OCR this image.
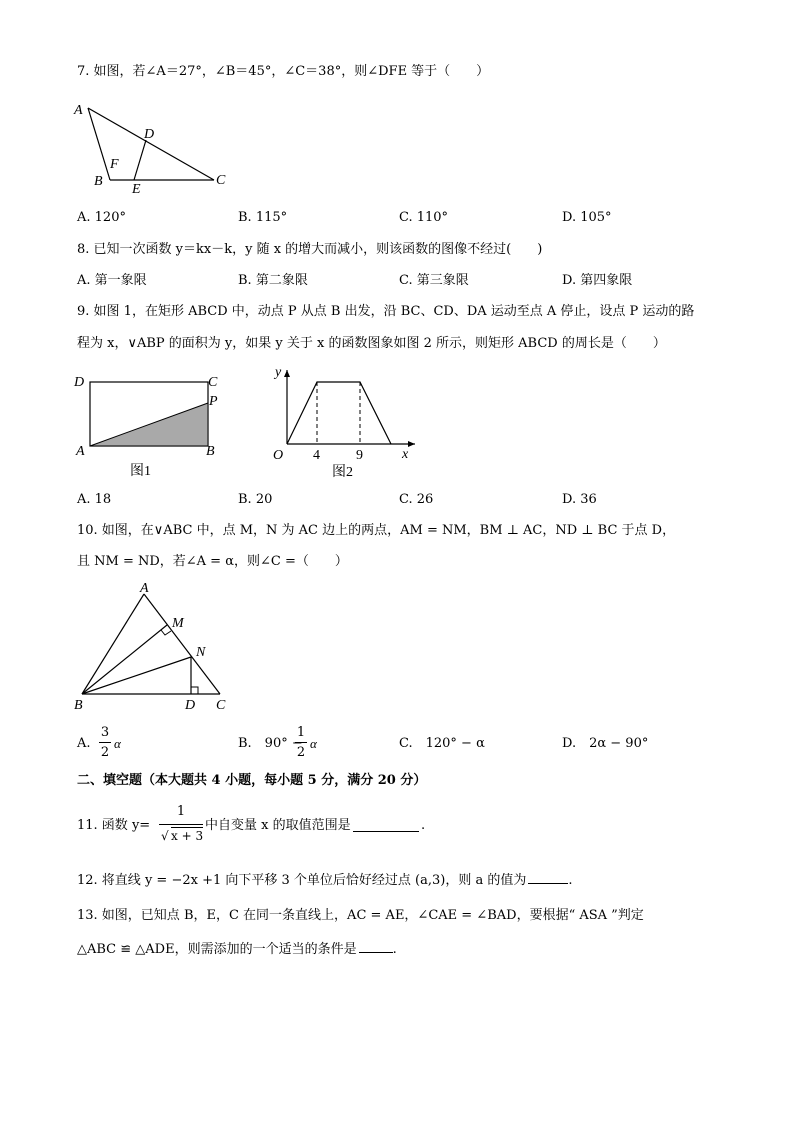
7. 如图，若∠A＝27°，∠B＝45°，∠C＝38°，则∠DFE 等于（　　）
A
D
F
B
E
C
A. 120°	B. 115°	C. 110°	D. 105°
8. 已知一次函数 y＝kx－k，y 随 x 的增大而减小，则该函数的图像不经过(　　)
A. 第一象限	B. 第二象限	C. 第三象限	D. 第四象限
9. 如图 1，在矩形 ABCD 中，动点 P 从点 B 出发，沿 BC、CD、DA 运动至点 A 停止，设点 P 运动的路
程为 x，∨ABP 的面积为 y，如果 y 关于 x 的函数图象如图 2 所示，则矩形 ABCD 的周长是（　　）
D	C
P
A	B
图1
y
x
O 4	9
图2
A. 18	B. 20	C. 26	D. 36
10. 如图，在∨ABC 中，点 M，N 为 AC 边上的两点，AM = NM，BM ⊥ AC，ND ⊥ BC 于点 D，
且 NM = ND，若∠A = α，则∠C =（　　）
A
M
N
B	D C
A.
3
2
α	B.　90° −
1
2
α	C.　120° − α	D.　2α − 90°
二、填空题（本大题共 4 小题，每小题 5 分，满分 20 分）
11. 函数 y=
1
√ x + 3
中自变量 x 的取值范围是	.
12. 将直线 y = −2x +1 向下平移 3 个单位后恰好经过点 (a,3)，则 a 的值为	.
13. 如图，已知点 B，E，C 在同一条直线上，AC = AE，∠CAE = ∠BAD，要根据“ ASA ”判定
△ABC ≌ △ADE，则需添加的一个适当的条件是	.
